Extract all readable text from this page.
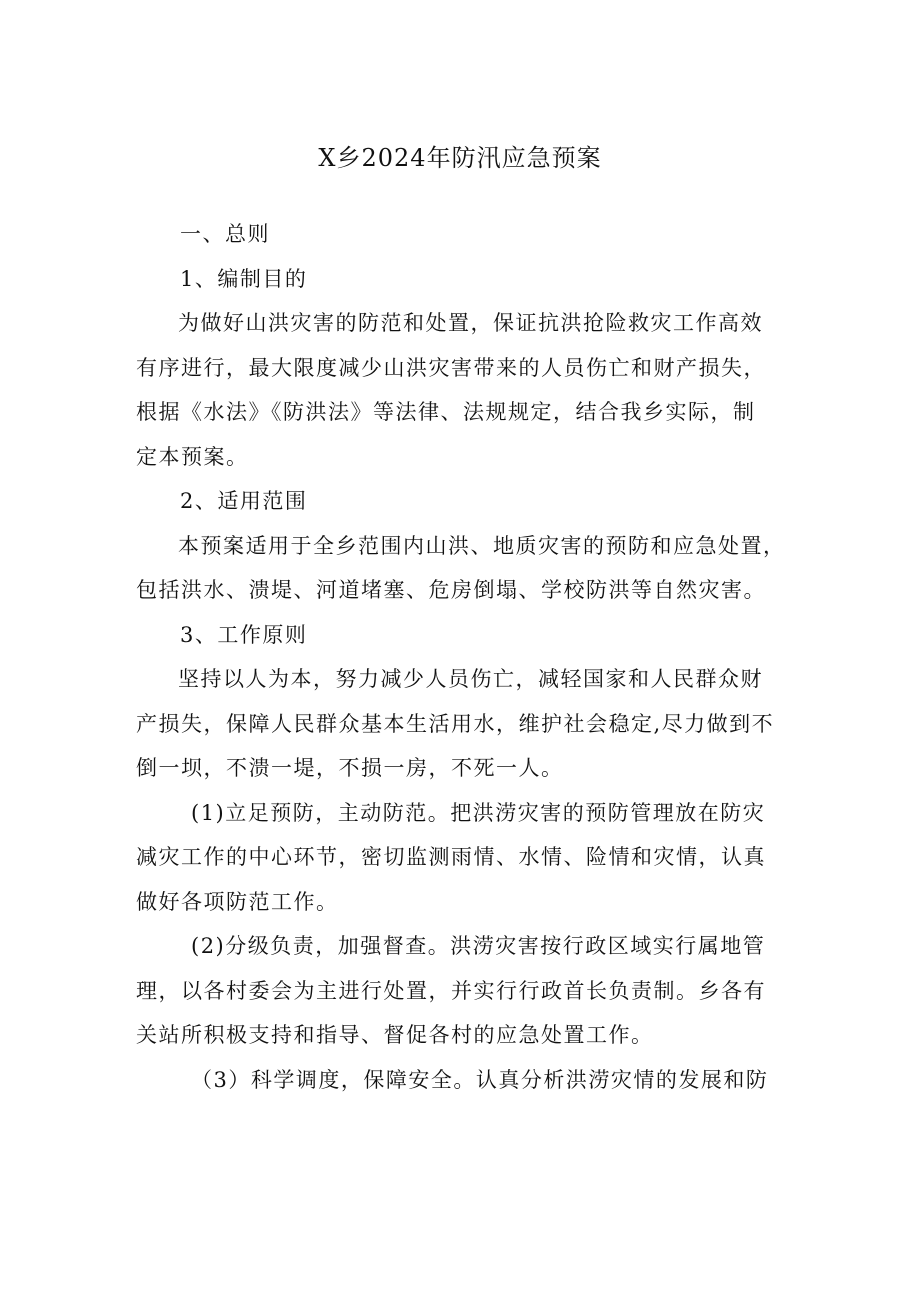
X乡2024年防汛应急预案

一、总则

1、编制目的

为做好山洪灾害的防范和处置，保证抗洪抢险救灾工作高效
有序进行，最大限度减少山洪灾害带来的人员伤亡和财产损失，
根据《水法》《防洪法》等法律、法规规定，结合我乡实际，制
定本预案。

2、适用范围

本预案适用于全乡范围内山洪、地质灾害的预防和应急处置，
包括洪水、溃堤、河道堵塞、危房倒塌、学校防洪等自然灾害。

3、工作原则

坚持以人为本，努力减少人员伤亡，减轻国家和人民群众财
产损失，保障人民群众基本生活用水，维护社会稳定,尽力做到不
倒一坝，不溃一堤，不损一房，不死一人。

(1)立足预防，主动防范。把洪涝灾害的预防管理放在防灾
减灾工作的中心环节，密切监测雨情、水情、险情和灾情，认真
做好各项防范工作。

(2)分级负责，加强督查。洪涝灾害按行政区域实行属地管
理，以各村委会为主进行处置，并实行行政首长负责制。乡各有
关站所积极支持和指导、督促各村的应急处置工作。

（3）科学调度，保障安全。认真分析洪涝灾情的发展和防
